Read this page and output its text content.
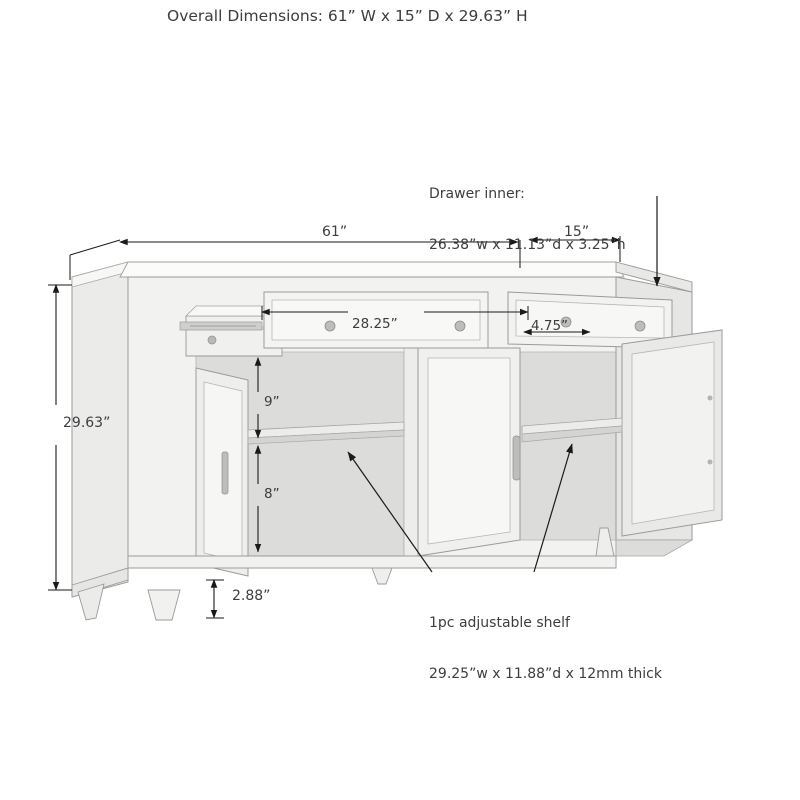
Overall Dimensions: 61” W x 15” D x 29.63” H

Drawer inner:

26.38”w x 11.13”d x 3.25”h

1pc adjustable shelf

29.25”w x 11.88”d x 12mm thick

61”	15”
29.63”
28.25”	4.75”
9”
8”
2.88”
